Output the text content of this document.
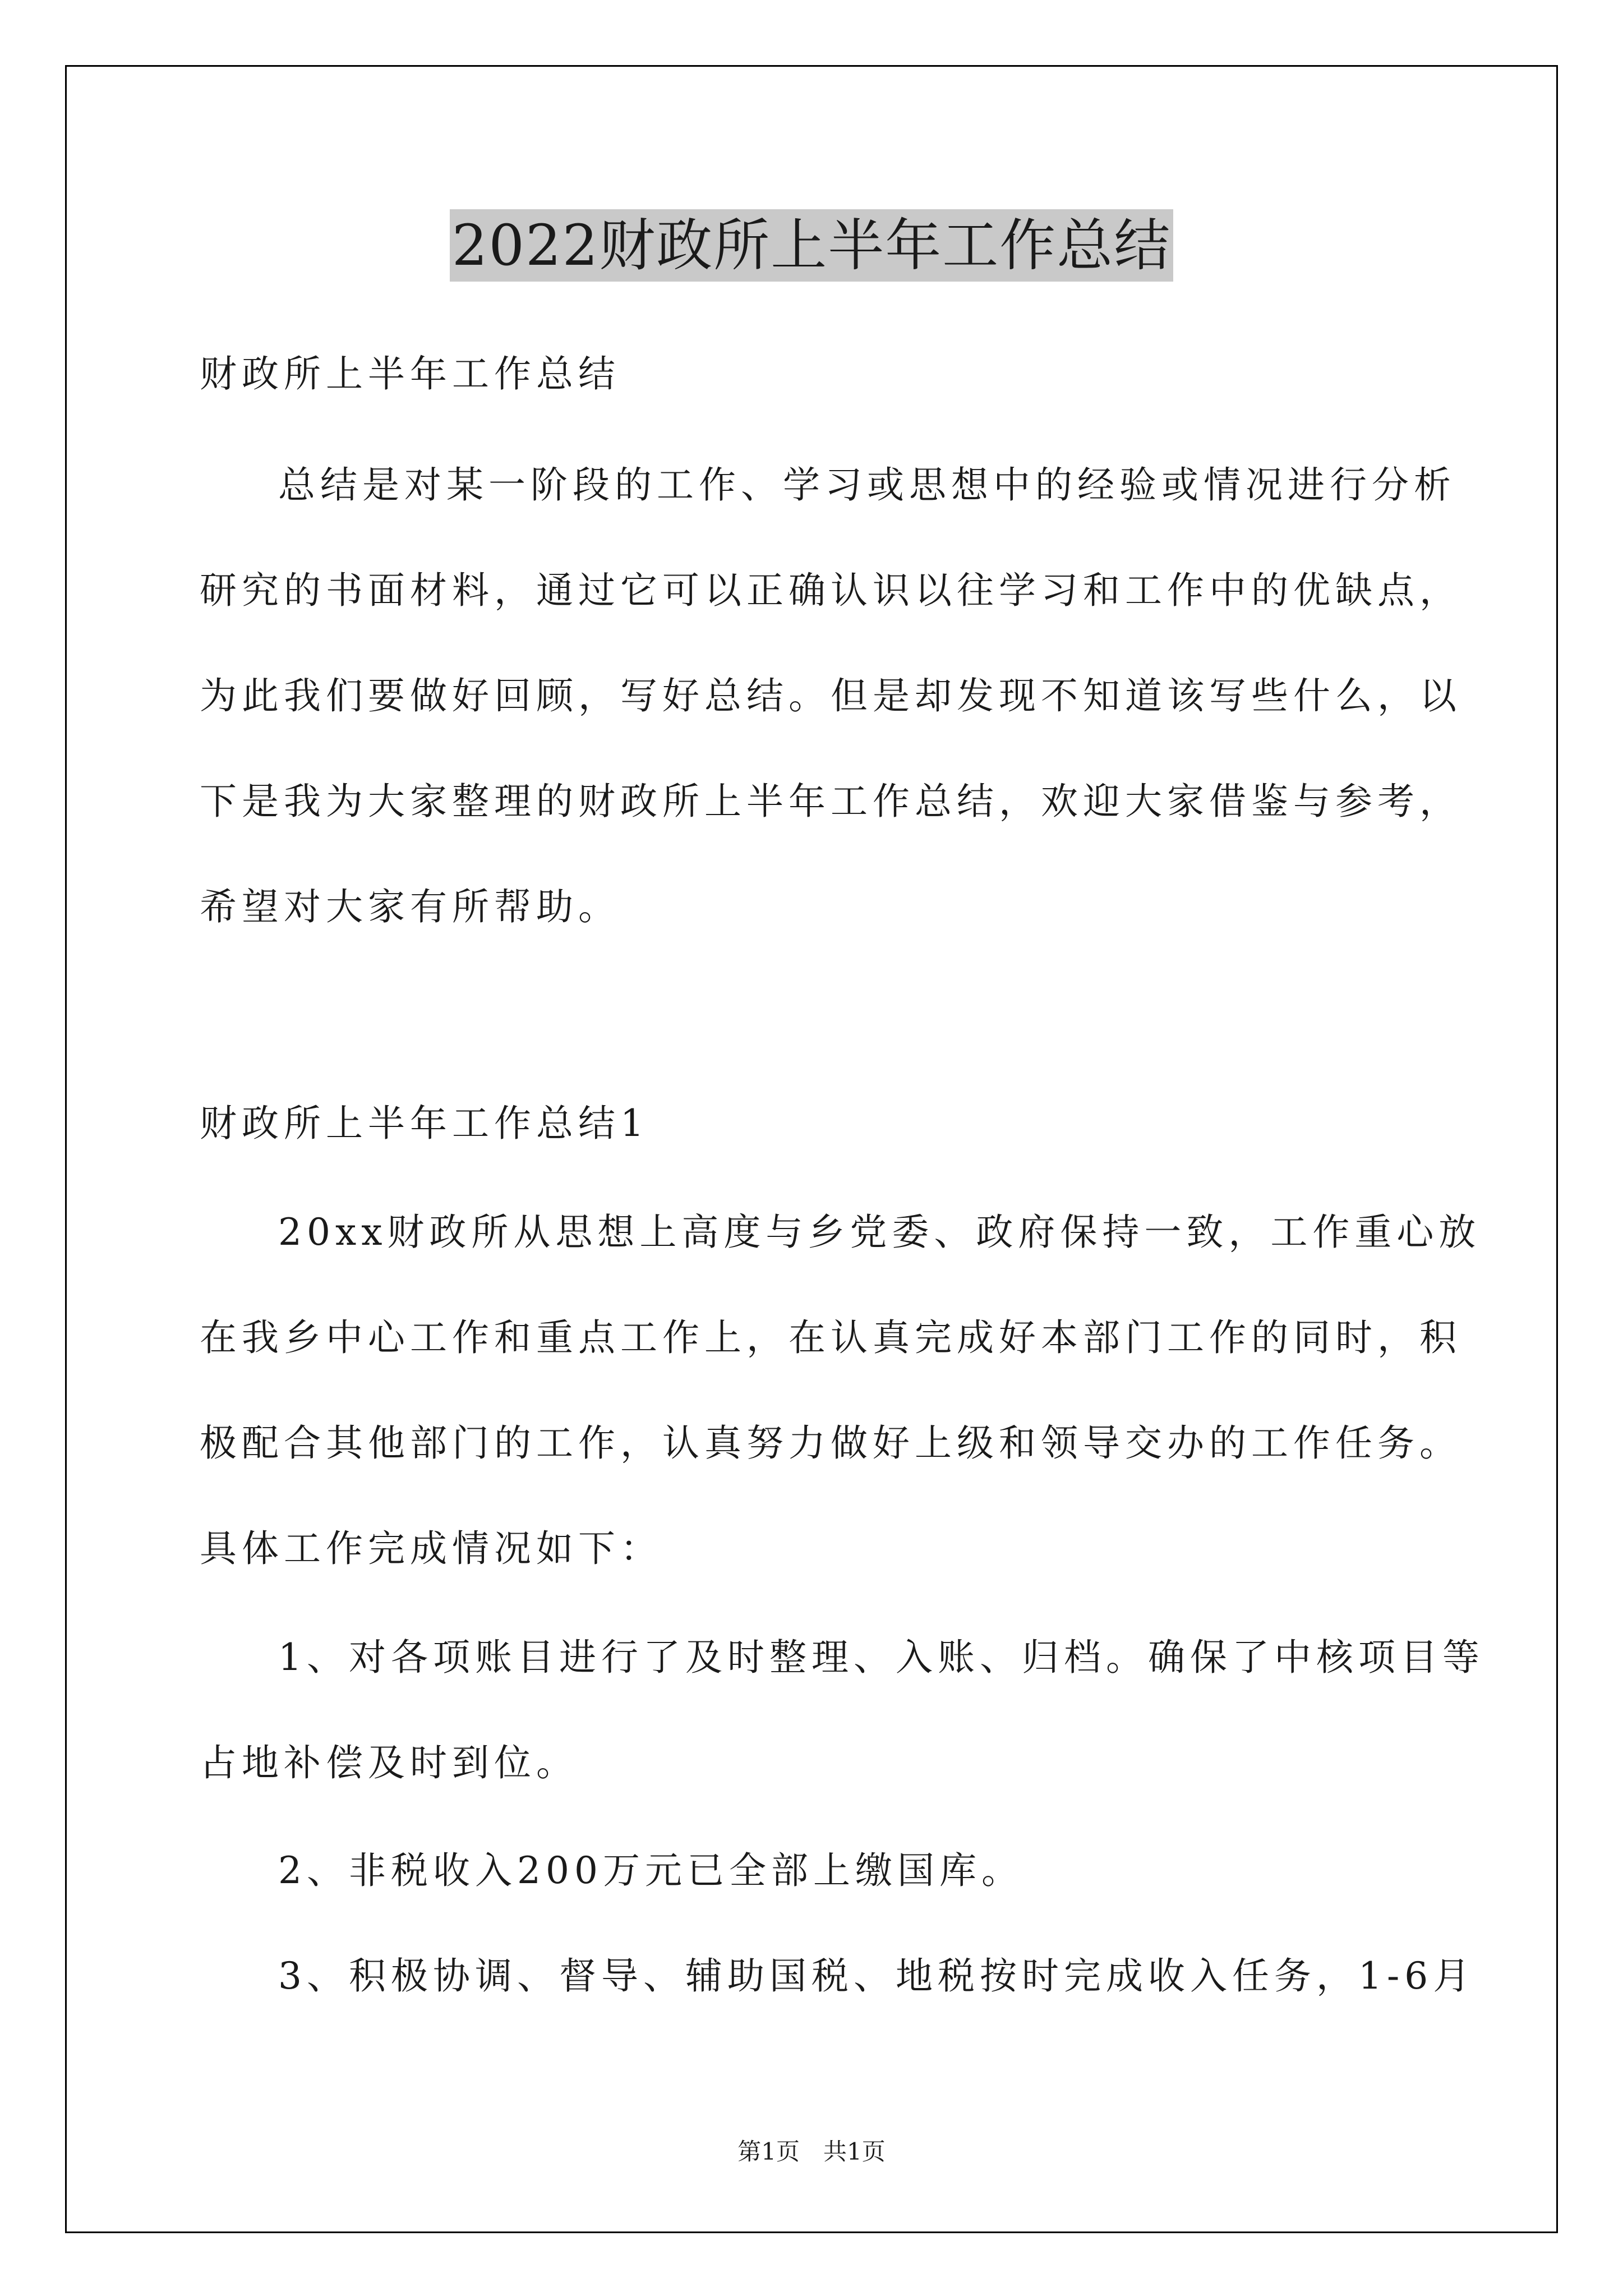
2022财政所上半年工作总结
财政所上半年工作总结
总结是对某一阶段的工作、学习或思想中的经验或情况进行分析
研究的书面材料，通过它可以正确认识以往学习和工作中的优缺点，
为此我们要做好回顾，写好总结。但是却发现不知道该写些什么，以
下是我为大家整理的财政所上半年工作总结，欢迎大家借鉴与参考，
希望对大家有所帮助。
财政所上半年工作总结1
20xx财政所从思想上高度与乡党委、政府保持一致，工作重心放
在我乡中心工作和重点工作上，在认真完成好本部门工作的同时，积
极配合其他部门的工作，认真努力做好上级和领导交办的工作任务。
具体工作完成情况如下：
1、对各项账目进行了及时整理、入账、归档。确保了中核项目等
占地补偿及时到位。
2、非税收入200万元已全部上缴国库。
3、积极协调、督导、辅助国税、地税按时完成收入任务，1-6月
第1页　共1页
